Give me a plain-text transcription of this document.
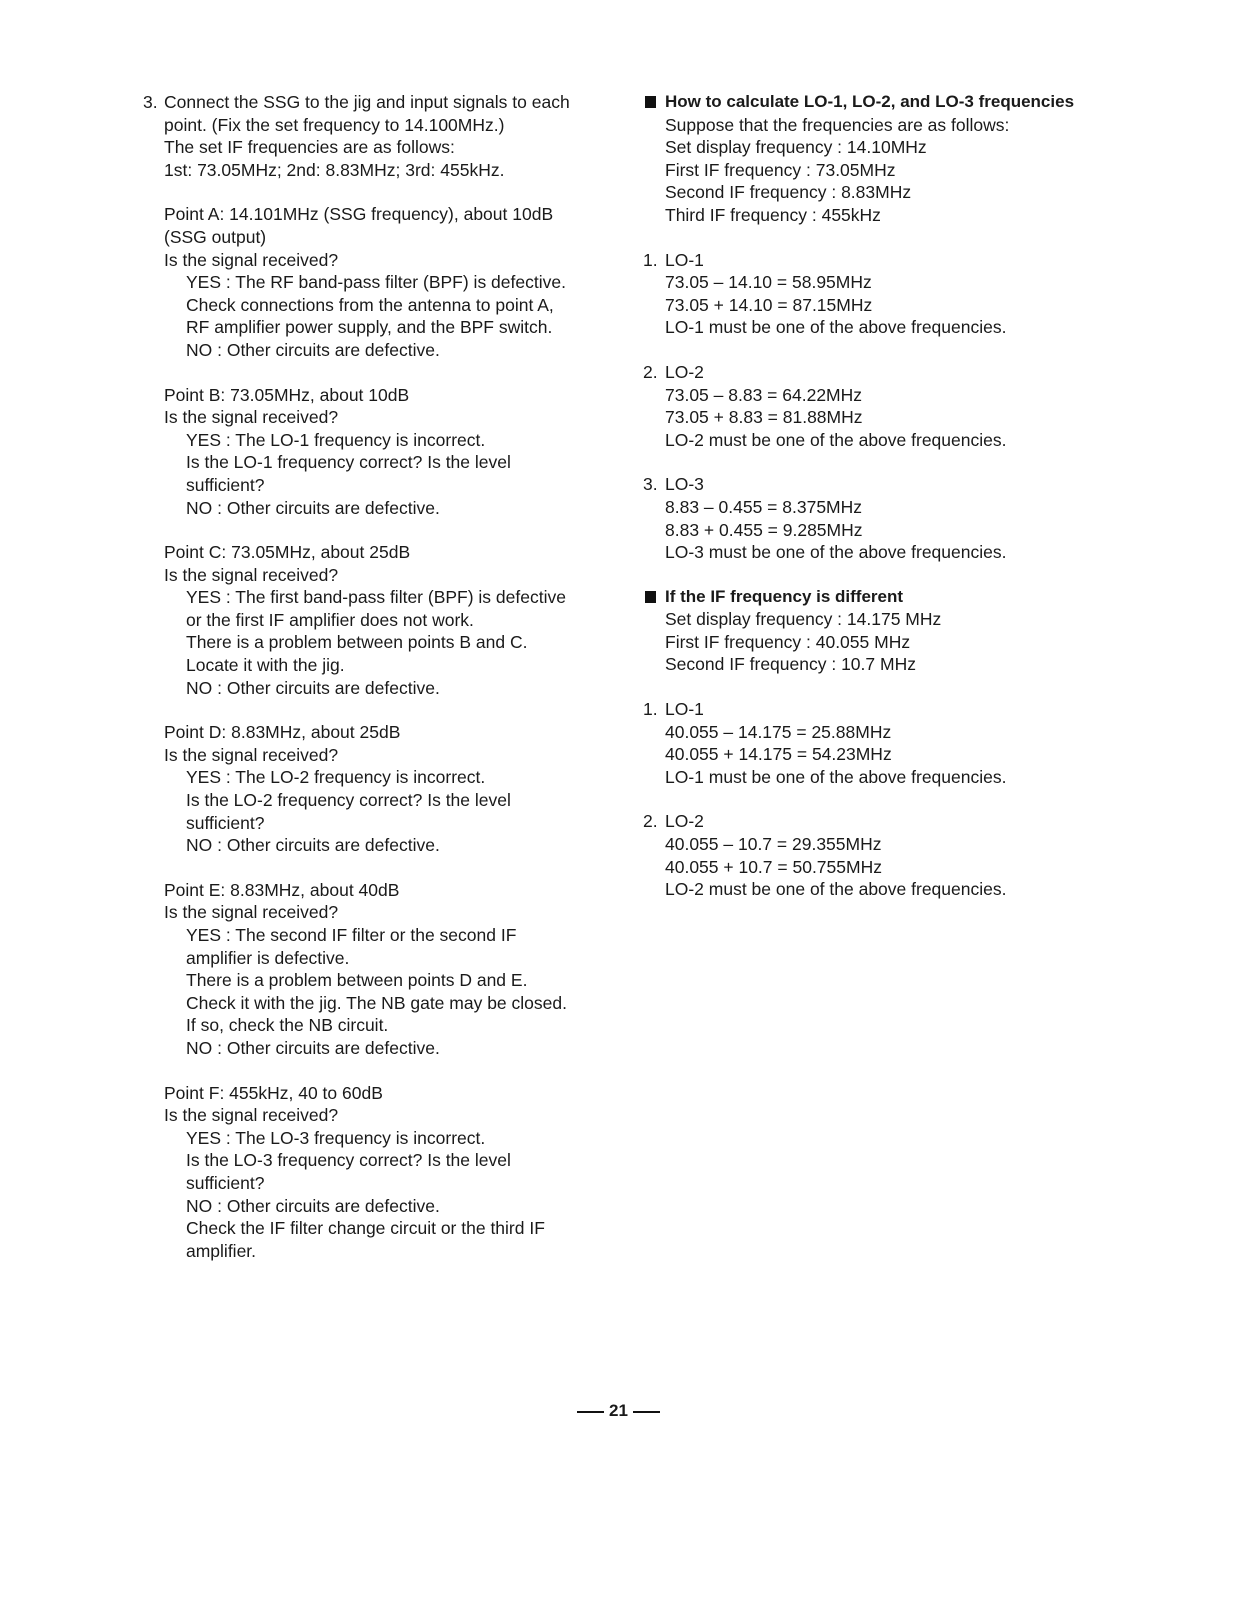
3. Connect the SSG to the jig and input signals to each
point. (Fix the set frequency to 14.100MHz.)
The set IF frequencies are as follows:
1st: 73.05MHz; 2nd: 8.83MHz; 3rd: 455kHz.
Point A: 14.101MHz (SSG frequency), about 10dB
(SSG output)
Is the signal received?
YES : The RF band-pass filter (BPF) is defective.
Check connections from the antenna to point A,
RF amplifier power supply, and the BPF switch.
NO : Other circuits are defective.
Point B: 73.05MHz, about 10dB
Is the signal received?
YES : The LO-1 frequency is incorrect.
Is the LO-1 frequency correct? Is the level
sufficient?
NO : Other circuits are defective.
Point C: 73.05MHz, about 25dB
Is the signal received?
YES : The first band-pass filter (BPF) is defective
or the first IF amplifier does not work.
There is a problem between points B and C.
Locate it with the jig.
NO : Other circuits are defective.
Point D: 8.83MHz, about 25dB
Is the signal received?
YES : The LO-2 frequency is incorrect.
Is the LO-2 frequency correct? Is the level
sufficient?
NO : Other circuits are defective.
Point E: 8.83MHz, about 40dB
Is the signal received?
YES : The second IF filter or the second IF
amplifier is defective.
There is a problem between points D and E.
Check it with the jig. The NB gate may be closed.
If so, check the NB circuit.
NO : Other circuits are defective.
Point F: 455kHz, 40 to 60dB
Is the signal received?
YES : The LO-3 frequency is incorrect.
Is the LO-3 frequency correct? Is the level
sufficient?
NO : Other circuits are defective.
Check the IF filter change circuit or the third IF
amplifier.
How to calculate LO-1, LO-2, and LO-3 frequencies
Suppose that the frequencies are as follows:
Set display frequency : 14.10MHz
First IF frequency : 73.05MHz
Second IF frequency : 8.83MHz
Third IF frequency : 455kHz
1. LO-1
73.05 – 14.10 = 58.95MHz
73.05 + 14.10 = 87.15MHz
LO-1 must be one of the above frequencies.
2. LO-2
73.05 – 8.83 = 64.22MHz
73.05 + 8.83 = 81.88MHz
LO-2 must be one of the above frequencies.
3. LO-3
8.83 – 0.455 = 8.375MHz
8.83 + 0.455 = 9.285MHz
LO-3 must be one of the above frequencies.
If the IF frequency is different
Set display frequency : 14.175 MHz
First IF frequency : 40.055 MHz
Second IF frequency : 10.7 MHz
1. LO-1
40.055 – 14.175 = 25.88MHz
40.055 + 14.175 = 54.23MHz
LO-1 must be one of the above frequencies.
2. LO-2
40.055 – 10.7 = 29.355MHz
40.055 + 10.7 = 50.755MHz
LO-2 must be one of the above frequencies.
21
